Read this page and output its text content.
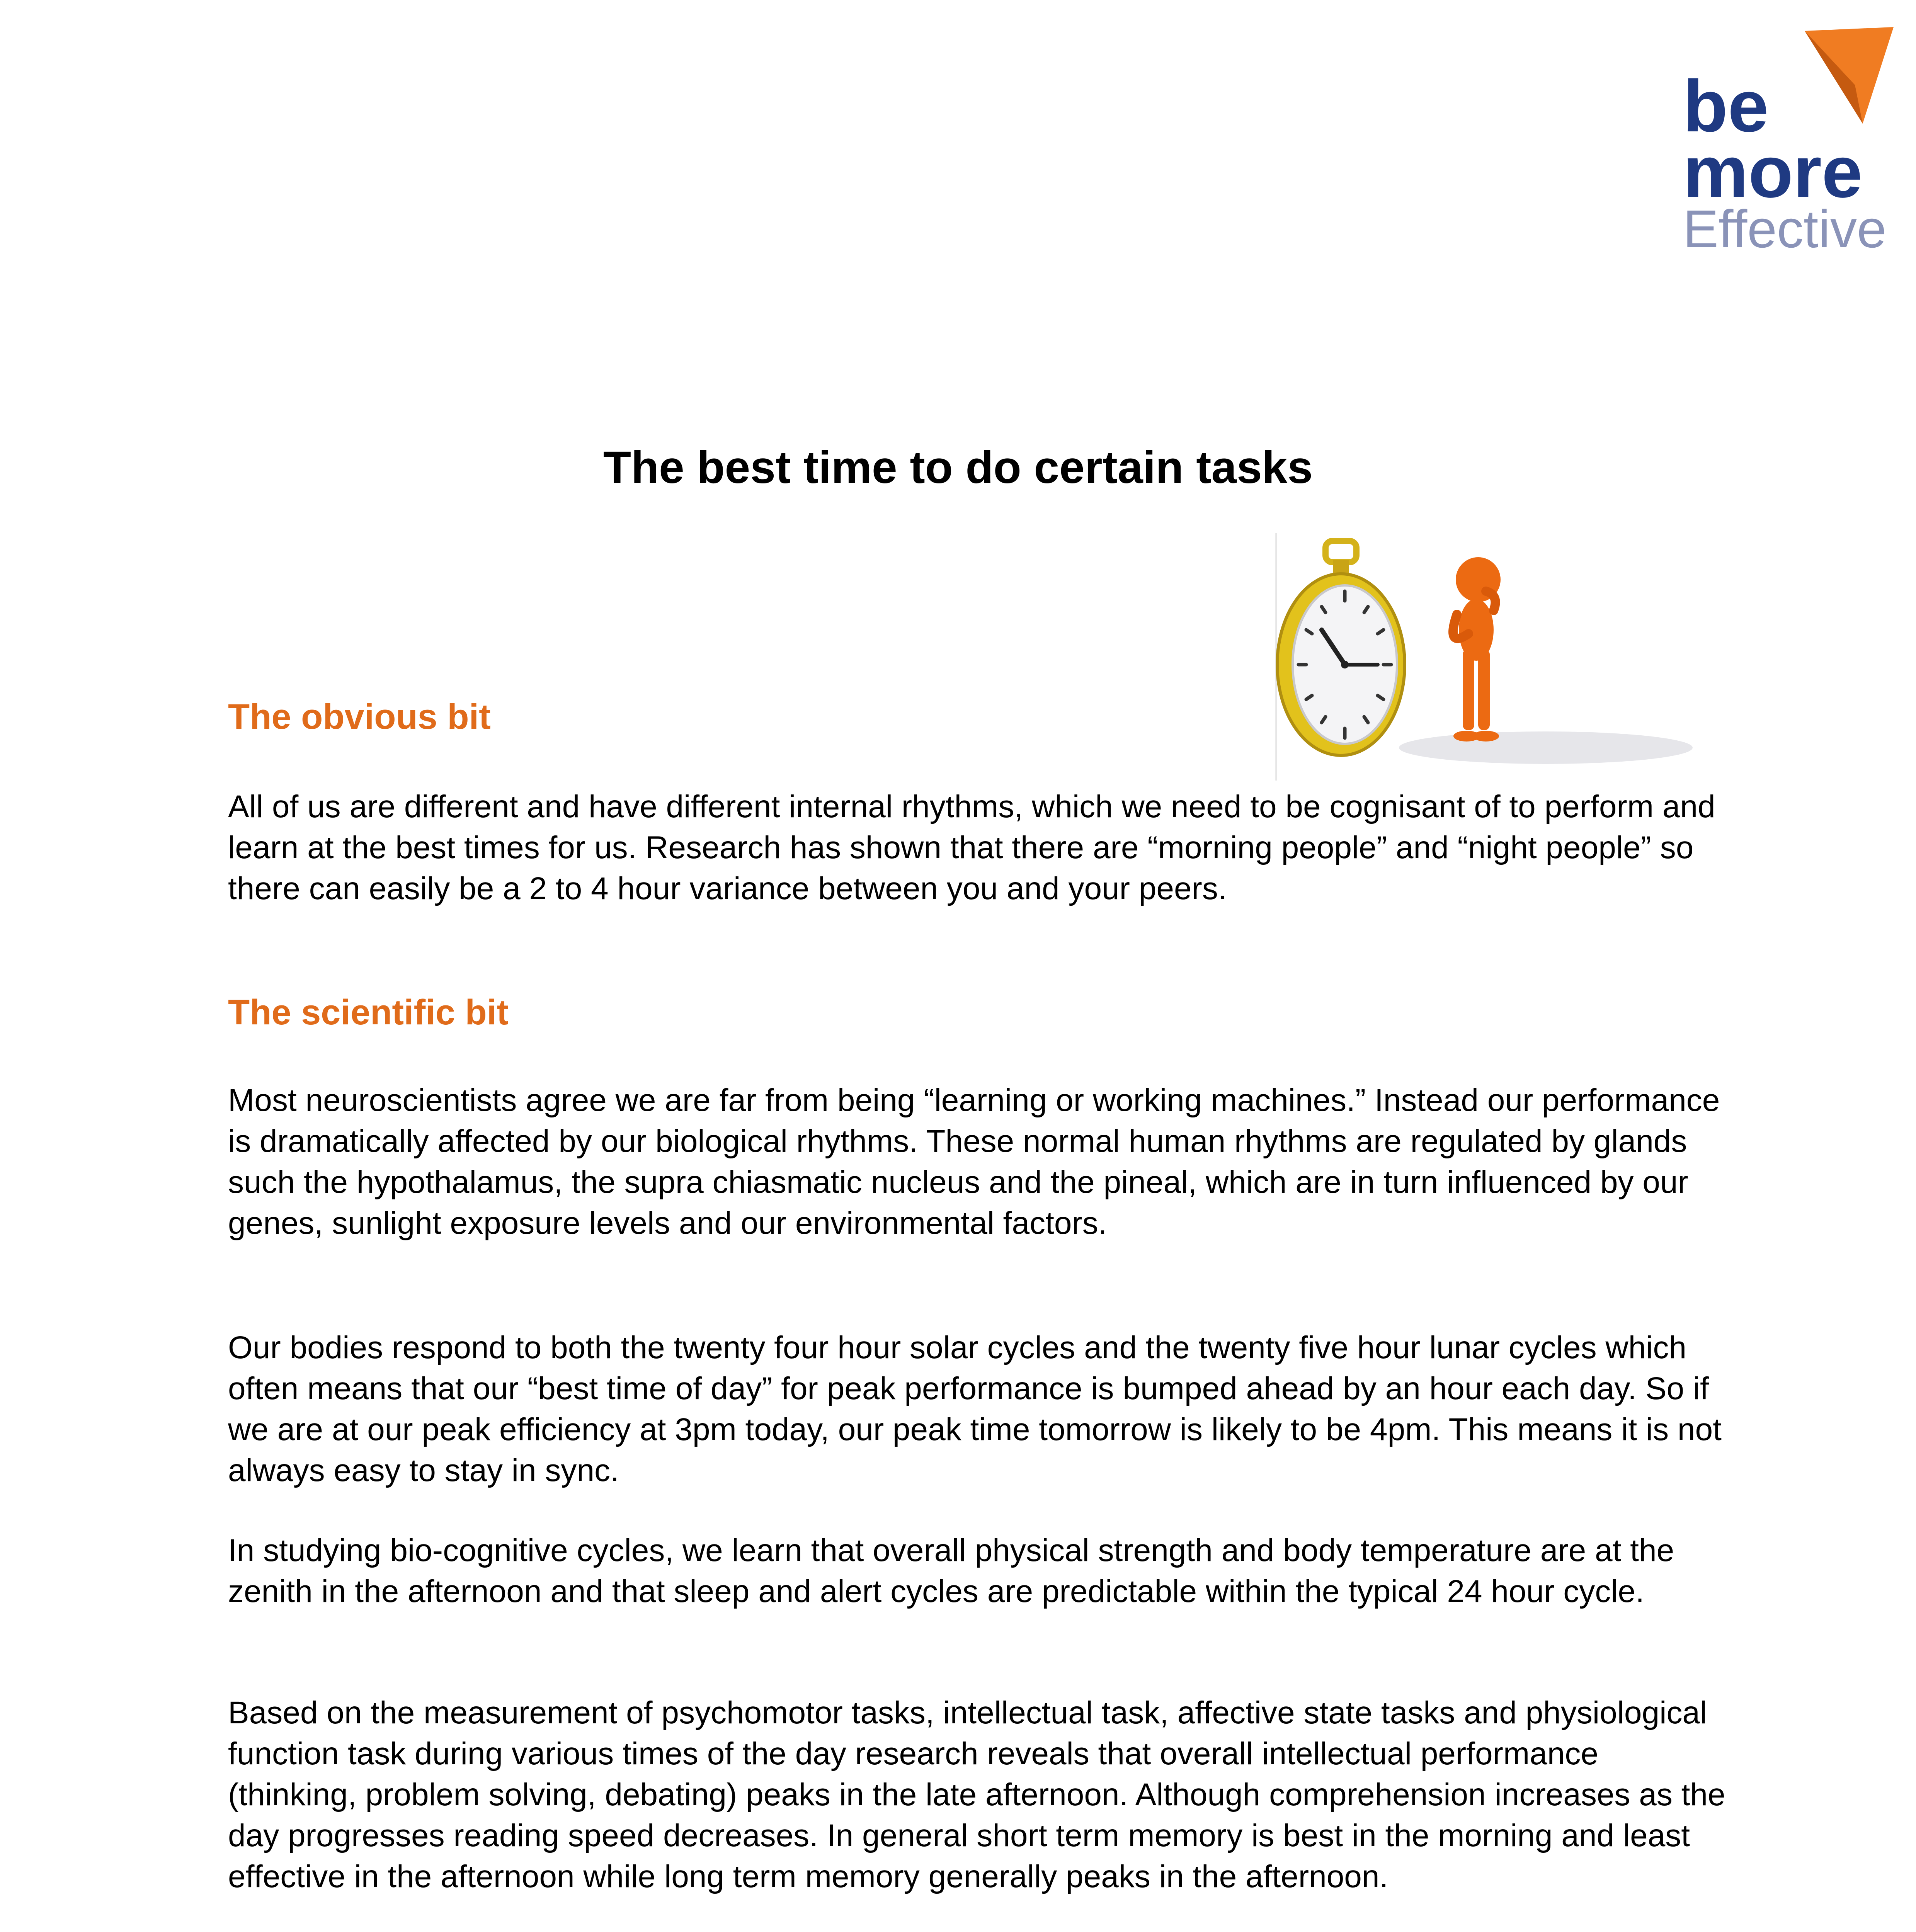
be
more
Effective
The best time to do certain tasks
The obvious bit
All of us are different and have different internal rhythms, which we need to be cognisant of to perform and learn at the best times for us. Research has shown that there are “morning people” and “night people” so there can easily be a 2 to 4 hour variance between you and your peers.
The scientific bit
Most neuroscientists agree we are far from being “learning or working machines.” Instead our performance is dramatically affected by our biological rhythms. These normal human rhythms are regulated by glands such the hypothalamus, the supra chiasmatic nucleus and the pineal, which are in turn influenced by our genes, sunlight exposure levels and our environmental factors.
Our bodies respond to both the twenty four hour solar cycles and the twenty five hour lunar cycles which often means that our “best time of day” for peak performance is bumped ahead by an hour each day. So if we are at our peak efficiency at 3pm today, our peak time tomorrow is likely to be 4pm. This means it is not always easy to stay in sync.
In studying bio-cognitive cycles, we learn that overall physical strength and body temperature are at the zenith in the afternoon and that sleep and alert cycles are predictable within the typical 24 hour cycle.
Based on the measurement of psychomotor tasks, intellectual task, affective state tasks and physiological function task during various times of the day research reveals that overall intellectual performance (thinking, problem solving, debating) peaks in the late afternoon. Although comprehension increases as the day progresses reading speed decreases. In general short term memory is best in the morning and least effective in the afternoon while long term memory generally peaks in the afternoon.
